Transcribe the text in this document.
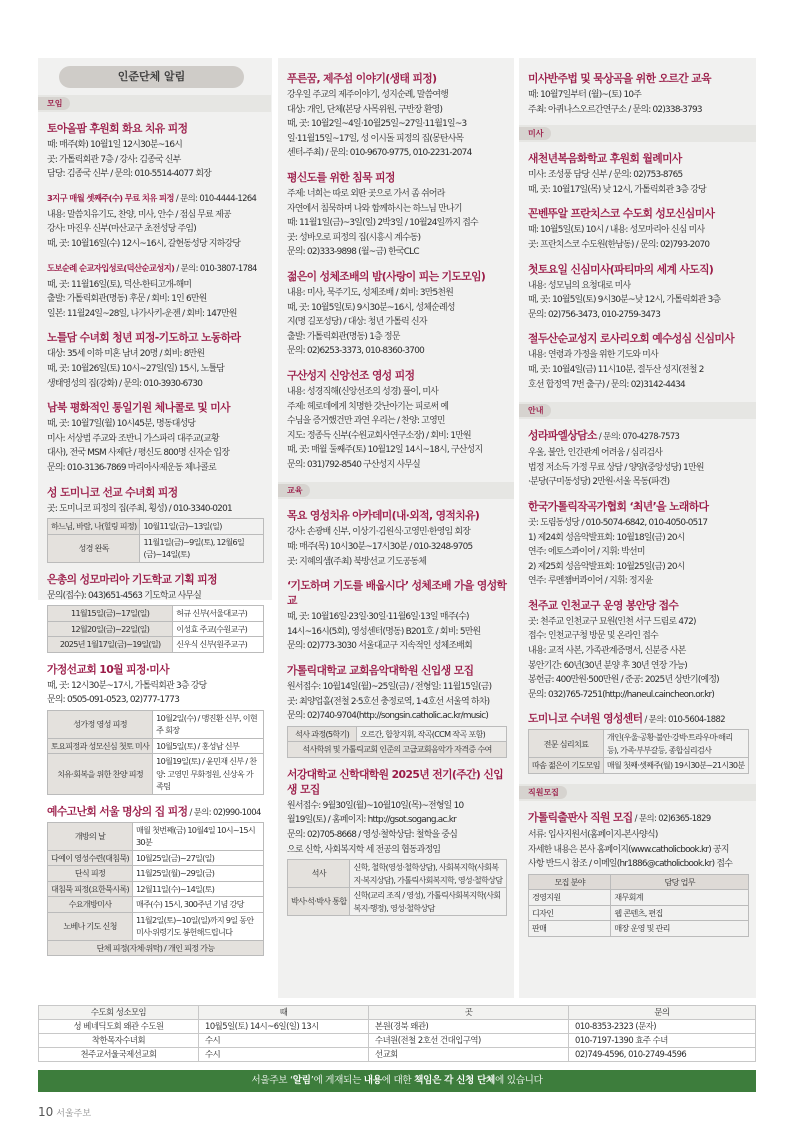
인준단체 알림
모임
토아올팜 후원회 화요 치유 피정
때: 매주(화) 10월1일 12시30분~16시
곳: 가톨릭회관 7층 / 강사: 김종국 신부
담당: 김종국 신부 / 문의: 010-5514-4077 회장
3지구 매월 셋째주(수) 무료 치유 피정 / 문의: 010-4444-1264
내용: 말씀치유기도, 찬양, 미사, 안수 / 점심 무료 제공
강사: 마진우 신부(마산교구 초전성당 주임)
때, 곳: 10월16일(수) 12시~16시, 갈현동성당 지하강당
도보순례 순교자입성로(덕산순교성지) / 문의: 010-3807-1784
때, 곳: 11월16일(토), 덕산-한티고개-해미
출발: 가톨릭회관(명동) 후문 / 회비: 1인 6만원
일본: 11월24일~28일, 나가사키-운젠 / 회비: 147만원
노틀담 수녀회 청년 피정-기도하고 노동하라
대상: 35세 이하 미혼 남녀 20명 / 회비: 8만원
때, 곳: 10월26일(토) 10시~27일(일) 15시, 노틀담
생태영성의 집(강화) / 문의: 010-3930-6730
남북 평화적인 통일기원 체나콜로 및 미사
때, 곳: 10월7일(월) 10시45분, 명동대성당
미사: 서상범 주교와 조반니 가스파리 대주교(교황
대사), 전국 MSM 사제단 / 평신도 800명 신자순 입장
문의: 010-3136-7869 마리아사제운동 체나콜로
성 도미니코 선교 수녀회 피정
곳: 도미니코 피정의 집(주최, 횡성) / 010-3340-0201
하느님, 바람, 나(힐링 피정)	10월11일(금)~13일(일)
성경 완독	11월1일(금)~9일(토), 12월6일(금)~14일(토)
은총의 성모마리아 기도학교 기획 피정
문의(접수): 043)651-4563 기도학교 사무실
11월15일(금)~17일(일)	허규 신부(서울대교구)
12월20일(금)~22일(일)	이성효 주교(수원교구)
2025년 1월17일(금)~19일(일)	신우식 신부(원주교구)
가정선교회 10월 피정·미사
때, 곳: 12시30분~17시, 가톨릭회관 3층 강당
문의: 0505-091-0523, 02)777-1773
성가정 영성 피정	10월2일(수) / 맹진환 신부, 이현주 회장
토요피정과 성모신심 첫토 미사	10월5일(토) / 홍성남 신부
치유·회복을 위한 찬양 피정	10월19일(토) / 윤민재 신부 / 찬양: 고영민 무화정원, 신상옥 가족팀
예수고난회 서울 명상의 집 피정 / 문의: 02)990-1004
개방의 날	매월 첫번째(금) 10월4일 10시~15시30분
다예이 영성수련(대침묵)	10월25일(금)~27일(일)
단식 피정	11월25일(월)~29일(금)
대침묵 피정(요한묵시록)	12월11일(수)~14일(토)
수요개방미사	매주(수) 15시, 300주년 기념 강당
노베나 기도 신청	11월2일(토)~10일(일)까지 9일 동안 미사·위령기도 봉헌해드립니다
단체 피정(자체·위탁) / 개인 피정 가능	
푸른꿈, 제주섬 이야기(생태 피정)
강우일 주교의 제주이야기, 성지순례, 말씀여행
대상: 개인, 단체(본당 사목위원, 구반장 환영)
때, 곳: 10월2일~4일·10월25일~27일·11월1일~3
일·11월15일~17일, 성 이시돌 피정의 집(몽탄사목
센터-주최) / 문의: 010-9670-9775, 010-2231-2074
평신도를 위한 침묵 피정
주제: 너희는 따로 외딴 곳으로 가서 좀 쉬어라
자연에서 침묵하며 나와 함께하시는 하느님 만나기
때: 11월1일(금)~3일(일) 2박3일 / 10월24일까지 접수
곳: 성바오로 피정의 집(시흥시 계수동)
문의: 02)333-9898 (월~금) 한국CLC
젊은이 성체조배의 밤(사랑이 피는 기도모임)
내용: 미사, 묵주기도, 성체조배 / 회비: 3만5천원
때, 곳: 10월5일(토) 9시30분~16시, 성체순례성
지(명 길포성당) / 대상: 청년 가톨릭 신자
출발: 가톨릭회관(명동) 1층 정문
문의: 02)6253-3373, 010-8360-3700
구산성지 신앙선조 영성 피정
내용: 성경직해(신앙선조의 성경) 풀이, 미사
주제: 헤로데에게 치명한 갓난아기는 피로써 예
수님을 증거했건만 과연 우리는 / 찬양: 고영민
지도: 정종득 신부(수원교회사연구소장) / 회비: 1만원
때, 곳: 매월 둘째주(토) 10월12일 14시~18시, 구산성지
문의: 031)792-8540 구산성지 사무실
교육
목요 영성치유 아카데미(내·외적, 영적치유)
강사: 손광배 신부, 이상기·김원식·고영민·한영임 회장
때: 매주(목) 10시30분~17시30분 / 010-3248-9705
곳: 지혜의샘(주최) 북방선교 기도공동체
‘기도하며 기도를 배웁시다’ 성체조배 가을 영성학교
때, 곳: 10월16일·23일·30일·11월6일·13일 매주(수)
14시~16시(5회), 영성센터(명동) B201호 / 회비: 5만원
문의: 02)773-3030 서울대교구 지속적인 성체조배회
가톨릭대학교 교회음악대학원 신입생 모집
원서접수: 10월14일(월)~25일(금) / 전형일: 11월15일(금)
곳: 최양업홀(전철 2·5호선 충정로역, 1·4호선 서울역 하차)
문의: 02)740-9704(http://songsin.catholic.ac.kr/music)
석사 과정(5학기)	오르간, 합창지휘, 작곡(CCM 작곡 포함)
석사학위 및 가톨릭교회 인준의 고급교회음악가 자격증 수여
서강대학교 신학대학원 2025년 전기(주간) 신입생 모집
원서접수: 9월30일(월)~10월10일(목)~전형일 10
월19일(토) / 홈페이지: http://gsot.sogang.ac.kr
문의: 02)705-8668 / 영성·철학상담: 철학을 중심
으로 신학, 사회복지학 세 전공의 협동과정임
석사	신학, 철학(영성·철학상담), 사회복지학(사회복지·복지상담), 가톨릭사회복지학, 영성·철학상담
박사·석·박사 통합	신학(교리 조직 / 영성), 가톨릭사회복지학(사회복지·행정), 영성·철학상담
미사반주법 및 묵상곡을 위한 오르간 교육
때: 10월7일부터 (월)~(토) 10주
주최: 아퀴나스오르간연구소 / 문의: 02)338-3793
미사
새천년복음화학교 후원회 월례미사
미사: 조성풍 담당 신부 / 문의: 02)753-8765
때, 곳: 10월17일(목) 낮 12시, 가톨릭회관 3층 강당
꼰벤뚜알 프란치스코 수도회 성모신심미사
때: 10월5일(토) 10시 / 내용: 성모마리아 신심 미사
곳: 프란치스코 수도원(한남동) / 문의: 02)793-2070
첫토요일 신심미사(파티마의 세계 사도직)
내용: 성모님의 요청대로 미사
때, 곳: 10월5일(토) 9시30분~낮 12시, 가톨릭회관 3층
문의: 02)756-3473, 010-2759-3473
절두산순교성지 로사리오회 예수성심 신심미사
내용: 연령과 가정을 위한 기도와 미사
때, 곳: 10월4일(금) 11시10분, 절두산 성지(전철 2
호선 합정역 7번 출구) / 문의: 02)3142-4434
안내
성라파엘상담소 / 문의: 070-4278-7573
우울, 불안, 인간관계 어려움 / 심리검사
법정 저소득 가정 무료 상담 / 양양(중앙성당) 1만원
·분당(구미동성당) 2만원·서울 목동(파견)
한국가톨릭작곡가협회 ‘최년’을 노래하다
곳: 도림동성당 / 010-5074-6842, 010-4050-0517
1) 제24회 성음악발표회: 10월18일(금) 20시
연주: 에토스콰이어 / 지휘: 박선미
2) 제25회 성음악발표회: 10월25일(금) 20시
연주: 루멘챔버콰이어 / 지휘: 정지윤
천주교 인천교구 운영 봉안당 접수
곳: 천주교 인천교구 묘원(인천 서구 드림로 472)
접수: 인천교구청 방문 및 온라인 접수
내용: 교적 사본, 가족관계증명서, 신분증 사본
봉안기간: 60년(30년 분양 후 30년 연장 가능)
봉헌금: 400만원·500만원 / 준공: 2025년 상반기(예정)
문의: 032)765-7251(http://haneul.caincheon.or.kr)
도미니코 수녀원 영성센터 / 문의: 010-5604-1882
전문 심리치료	개인(우울·공황·불안·강박·트라우마·해리 등), 가족·부부갈등, 종합심리검사
따솜 젊은이 기도모임	매월 첫째·셋째주(월) 19시30분~21시30분
직원모집
가톨릭출판사 직원 모집 / 문의: 02)6365-1829
서류: 입사지원서(홈페이지-본사양식)
자세한 내용은 본사 홈페이지(www.catholicbook.kr) 공지
사항 반드시 참조 / 이메일(hr1886@catholicbook.kr) 접수
모집 분야	담당 업무
경영지원	재무회계
디자인	웹 콘텐츠, 편집
판매	매장 운영 및 관리
수도회 성소모임	때	곳	문의
성 베네딕도회 왜관 수도원	10월5일(토) 14시~6일(일) 13시	본원(경북 왜관)	010-8353-2323 (문자)
착한목자수녀회	수시	수녀원(전철 2호선 건대입구역)	010-7197-1390 효주 수녀
천주교서울국제선교회	수시	선교회	02)749-4596, 010-2749-4596
서울주보 ‘알림’에 게재되는 내용에 대한 책임은 각 신청 단체에 있습니다
10 서울주보
